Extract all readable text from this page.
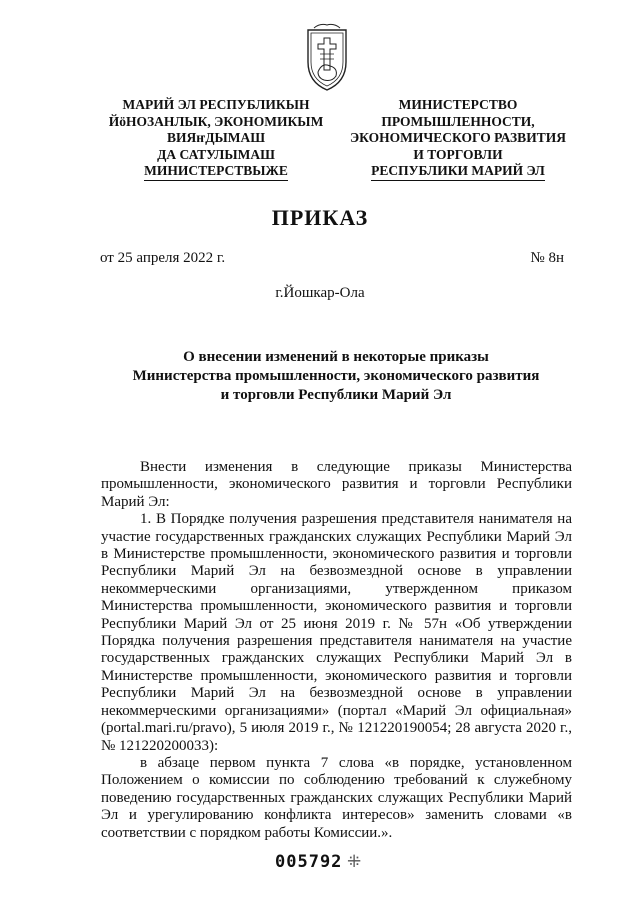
МАРИЙ ЭЛ РЕСПУБЛИКЫН
ЙӧНОЗАНЛЫК, ЭКОНОМИКЫМ
ВИЯҥДЫМАШ
ДА САТУЛЫМАШ
МИНИСТЕРСТВЫЖЕ
МИНИСТЕРСТВО
ПРОМЫШЛЕННОСТИ,
ЭКОНОМИЧЕСКОГО РАЗВИТИЯ
И ТОРГОВЛИ
РЕСПУБЛИКИ МАРИЙ ЭЛ
ПРИКАЗ
от 25 апреля 2022 г.	№ 8н
г.Йошкар-Ола
О внесении изменений в некоторые приказы
Министерства промышленности, экономического развития
и торговли Республики Марий Эл

Внести изменения в следующие приказы Министерства промышленности, экономического развития и торговли Республики Марий Эл:

1. В Порядке получения разрешения представителя нанимателя на участие государственных гражданских служащих Республики Марий Эл в Министерстве промышленности, экономического развития и торговли Республики Марий Эл на безвозмездной основе в управлении некоммерческими организациями, утвержденном приказом Министерства промышленности, экономического развития и торговли Республики Марий Эл от 25 июня 2019 г. № 57н «Об утверждении Порядка получения разрешения представителя нанимателя на участие государственных гражданских служащих Республики Марий Эл в Министерстве промышленности, экономического развития и торговли Республики Марий Эл на безвозмездной основе в управлении некоммерческими организациями» (портал «Марий Эл официальная» (portal.mari.ru/pravo), 5 июля 2019 г., № 121220190054; 28 августа 2020 г., № 121220200033):

в абзаце первом пункта 7 слова «в порядке, установленном Положением о комиссии по соблюдению требований к служебному поведению государственных гражданских служащих Республики Марий Эл и урегулированию конфликта интересов» заменить словами «в соответствии с порядком работы Комиссии.».

005792 ⁜
